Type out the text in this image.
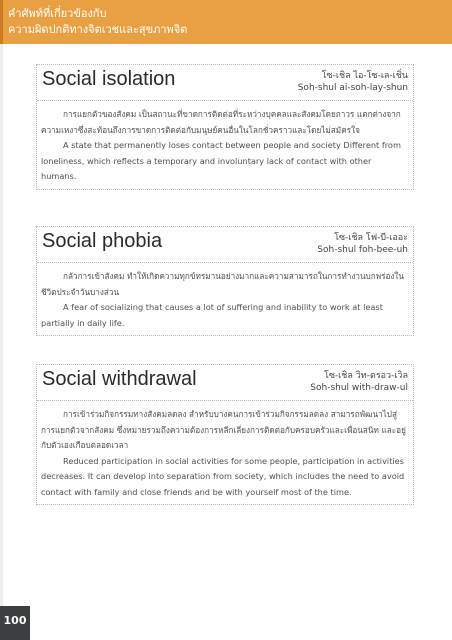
คำศัพท์ที่เกี่ยวข้องกับ
ความผิดปกติทางจิตเวชและสุขภาพจิต
Social isolation	โซ-เชิล ไอ-โซ-เล-เชิ่น
Soh-shul ai-soh-lay-shun

การแยกตัวของสังคม เป็นสถานะที่ขาดการติดต่อที่ระหว่างบุคคลและสังคมโดยถาวร แตกต่างจากความเหงาซึ่งสะท้อนถึงการขาดการติดต่อกับมนุษย์คนอื่นในโลกชั่วคราวและโดยไม่สมัครใจ

A state that permanently loses contact between people and society Different from loneliness, which reflects a temporary and involuntary lack of contact with other humans.

Social phobia	โซ-เชิล โฟ-บี-เออะ
Soh-shul foh-bee-uh

กลัวการเข้าสังคม ทำให้เกิดความทุกข์ทรมานอย่างมากและความสามารถในการทำงานบกพร่องในชีวิตประจำวันบางส่วน

A fear of socializing that causes a lot of suffering and inability to work at least partially in daily life.

Social withdrawal	โซ-เชิล วิท-ดรอว-เวิล
Soh-shul with-draw-ul

การเข้าร่วมกิจกรรมทางสังคมลดลง สำหรับบางคนการเข้าร่วมกิจกรรมลดลง สามารถพัฒนาไปสู่การแยกตัวจากสังคม ซึ่งหมายรวมถึงความต้องการหลีกเลี่ยงการติดต่อกับครอบครัวและเพื่อนสนิท และอยู่กับตัวเองเกือบตลอดเวลา

Reduced participation in social activities for some people, participation in activities decreases. It can develop into separation from society, which includes the need to avoid contact with family and close friends and be with yourself most of the time.

100
